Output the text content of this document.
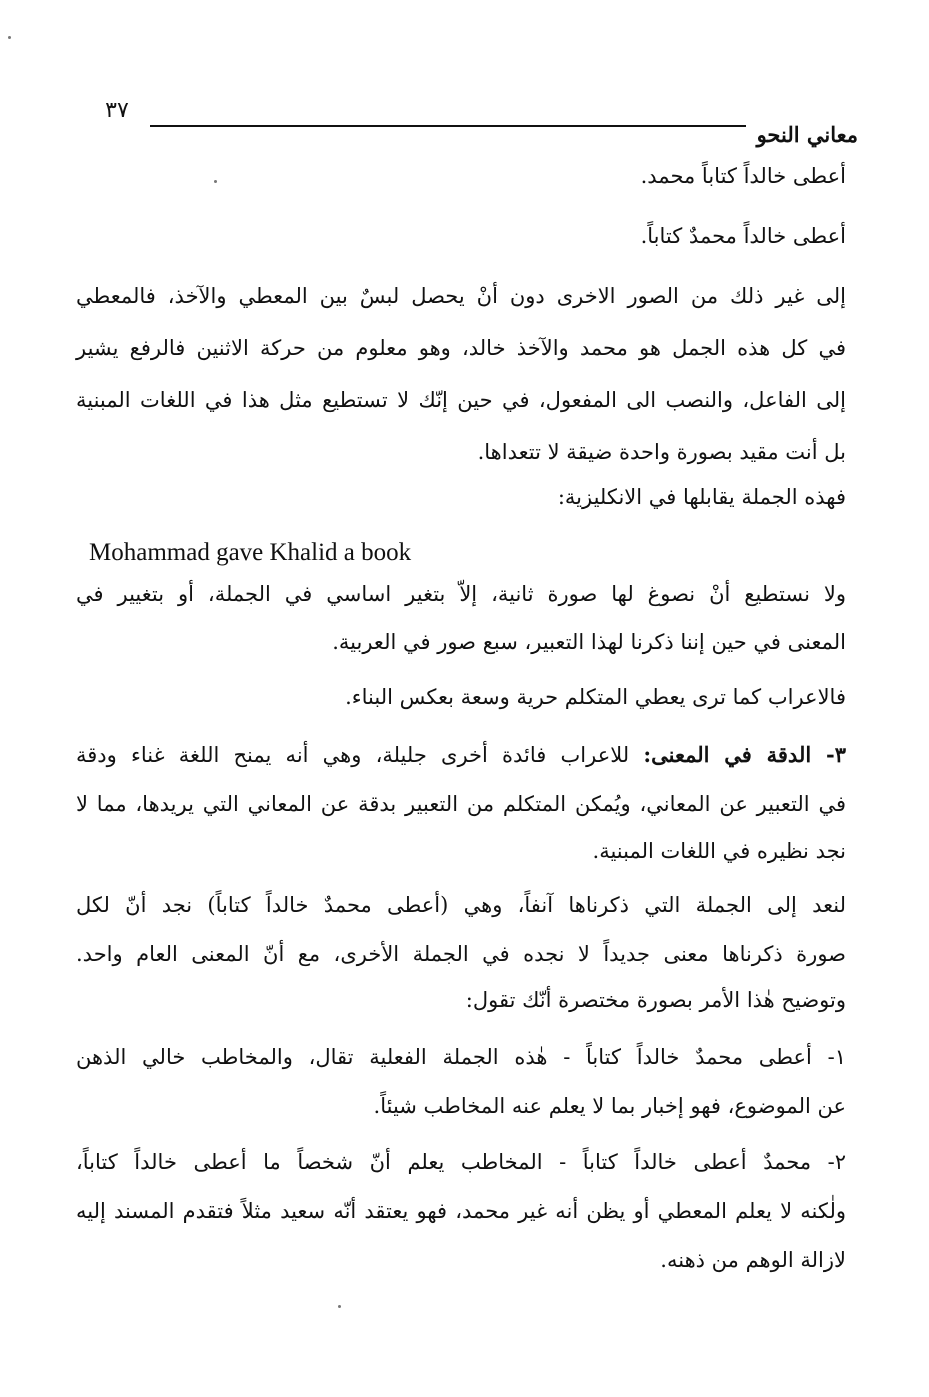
٣٧
معاني النحو
أعطى خالداً كتاباً محمد.
أعطى خالداً محمدٌ كتاباً.
إلى غير ذلك من الصور الاخرى دون أنْ يحصل لبسٌ بين المعطي والآخذ، فالمعطي
في كل هذه الجمل هو محمد والآخذ خالد، وهو معلوم من حركة الاثنين فالرفع يشير
إلى الفاعل، والنصب الى المفعول، في حين إنّك لا تستطيع مثل هذا في اللغات المبنية
بل أنت مقيد بصورة واحدة ضيقة لا تتعداها.
فهذه الجملة يقابلها في الانكليزية:
Mohammad gave Khalid a book
ولا نستطيع أنْ نصوغ لها صورة ثانية، إلاّ بتغير اساسي في الجملة، أو بتغيير في
المعنى في حين إننا ذكرنا لهذا التعبير، سبع صور في العربية.
فالاعراب كما ترى يعطي المتكلم حرية وسعة بعكس البناء.
٣- الدقة في المعنى: للاعراب فائدة أخرى جليلة، وهي أنه يمنح اللغة غناء ودقة
في التعبير عن المعاني، ويُمكن المتكلم من التعبير بدقة عن المعاني التي يريدها، مما لا
نجد نظيره في اللغات المبنية.
لنعد إلى الجملة التي ذكرناها آنفاً، وهي (أعطى محمدٌ خالداً كتاباً) نجد أنّ لكل
صورة ذكرناها معنى جديداً لا نجده في الجملة الأخرى، مع أنّ المعنى العام واحد.
وتوضيح هٰذا الأمر بصورة مختصرة أنّك تقول:
١- أعطى محمدٌ خالداً كتاباً - هٰذه الجملة الفعلية تقال، والمخاطب خالي الذهن
عن الموضوع، فهو إخبار بما لا يعلم عنه المخاطب شيئاً.
٢- محمدٌ أعطى خالداً كتاباً - المخاطب يعلم أنّ شخصاً ما أعطى خالداً كتاباً،
ولٰكنه لا يعلم المعطي أو يظن أنه غير محمد، فهو يعتقد أنّه سعيد مثلاً فتقدم المسند إليه
لازالة الوهم من ذهنه.
